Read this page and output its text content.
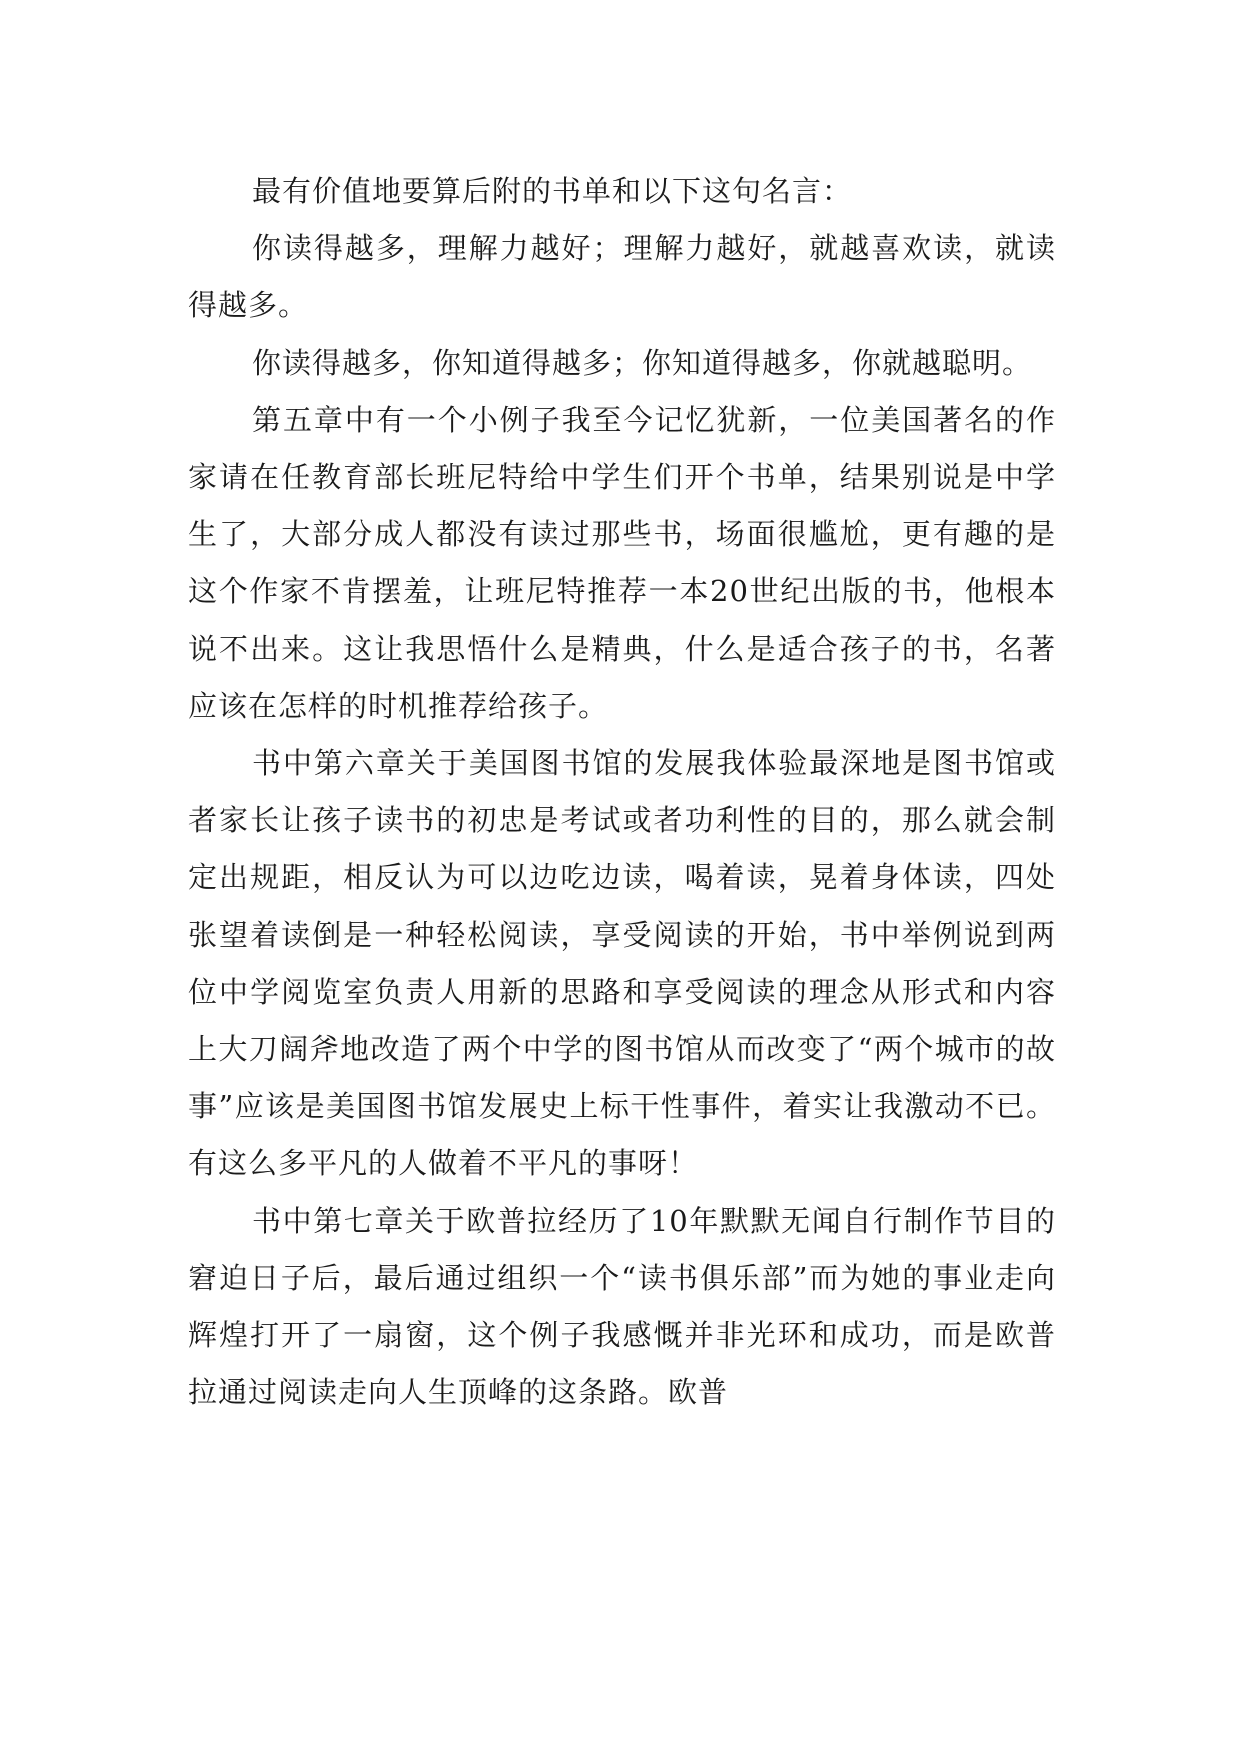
最有价值地要算后附的书单和以下这句名言：

你读得越多，理解力越好；理解力越好，就越喜欢读，就读得越多。

你读得越多，你知道得越多；你知道得越多，你就越聪明。

第五章中有一个小例子我至今记忆犹新，一位美国著名的作家请在任教育部长班尼特给中学生们开个书单，结果别说是中学生了，大部分成人都没有读过那些书，场面很尴尬，更有趣的是这个作家不肯摆羞，让班尼特推荐一本20世纪出版的书，他根本说不出来。这让我思悟什么是精典，什么是适合孩子的书，名著应该在怎样的时机推荐给孩子。

书中第六章关于美国图书馆的发展我体验最深地是图书馆或者家长让孩子读书的初忠是考试或者功利性的目的，那么就会制定出规距，相反认为可以边吃边读，喝着读，晃着身体读，四处张望着读倒是一种轻松阅读，享受阅读的开始，书中举例说到两位中学阅览室负责人用新的思路和享受阅读的理念从形式和内容上大刀阔斧地改造了两个中学的图书馆从而改变了“两个城市的故事”应该是美国图书馆发展史上标干性事件，着实让我激动不已。有这么多平凡的人做着不平凡的事呀！

书中第七章关于欧普拉经历了10年默默无闻自行制作节目的窘迫日子后，最后通过组织一个“读书俱乐部”而为她的事业走向辉煌打开了一扇窗，这个例子我感慨并非光环和成功，而是欧普拉通过阅读走向人生顶峰的这条路。欧普
